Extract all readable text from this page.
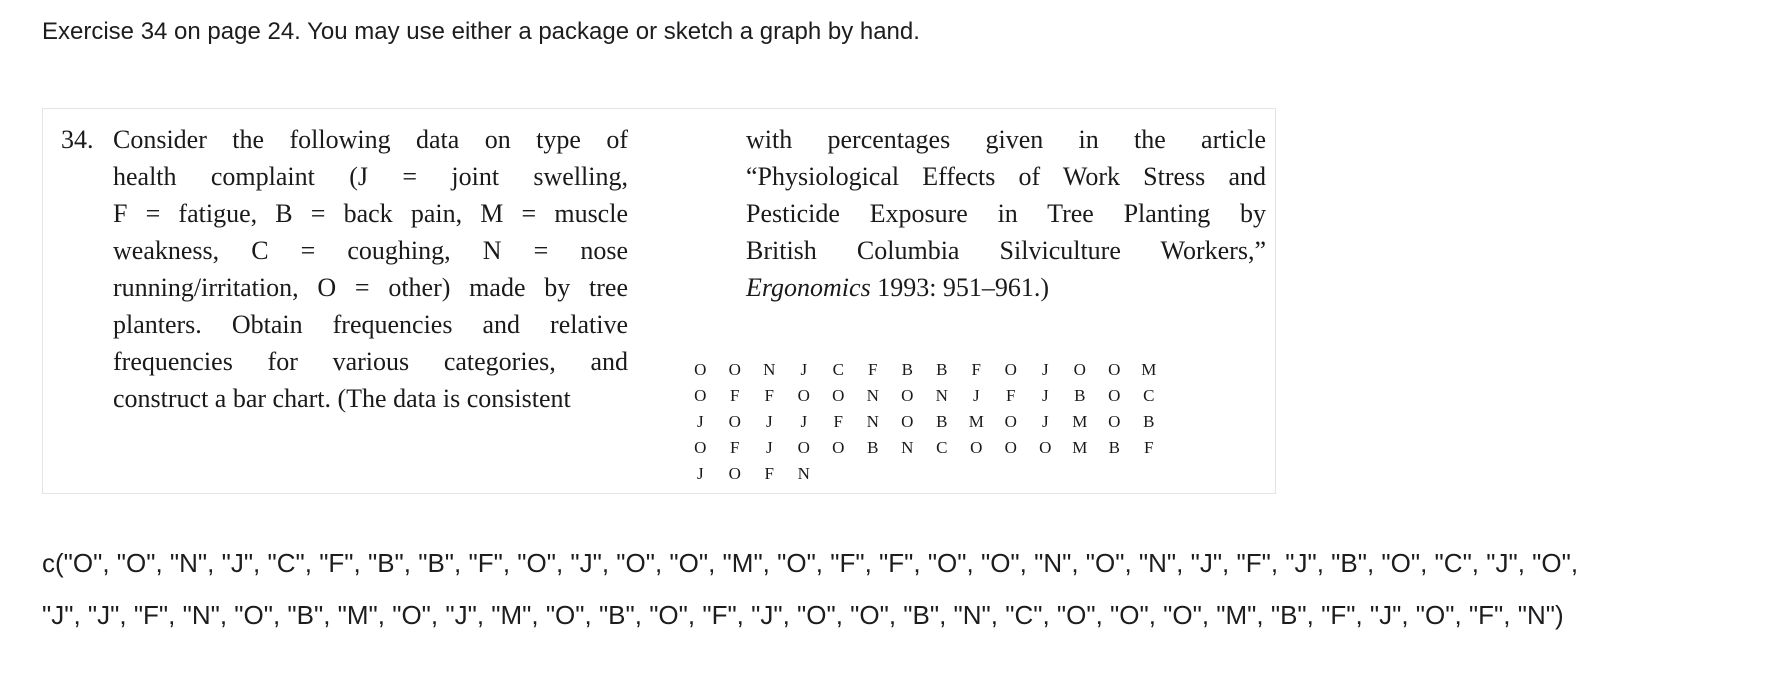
Exercise 34 on page 24. You may use either a package or sketch a graph by hand.
34. Consider the following data on type of
health complaint (J = joint swelling,
F = fatigue, B = back pain, M = muscle
weakness, C = coughing, N = nose
running/irritation, O = other) made by tree
planters. Obtain frequencies and relative
frequencies for various categories, and
construct a bar chart. (The data is consistent
with percentages given in the article
“Physiological Effects of Work Stress and
Pesticide Exposure in Tree Planting by
British Columbia Silviculture Workers,”
Ergonomics 1993: 951–961.)
O	O	N	J	C	F	B	B	F	O	J	O	O	M
O	F	F	O	O	N	O	N	J	F	J	B	O	C
J	O	J	J	F	N	O	B	M	O	J	M	O	B
O	F	J	O	O	B	N	C	O	O	O	M	B	F
J	O	F	N
c("O", "O", "N", "J", "C", "F", "B", "B", "F", "O", "J", "O", "O", "M", "O", "F", "F", "O", "O", "N", "O", "N", "J", "F", "J", "B", "O", "C", "J", "O",
"J", "J", "F", "N", "O", "B", "M", "O", "J", "M", "O", "B", "O", "F", "J", "O", "O", "B", "N", "C", "O", "O", "O", "M", "B", "F", "J", "O", "F", "N")
